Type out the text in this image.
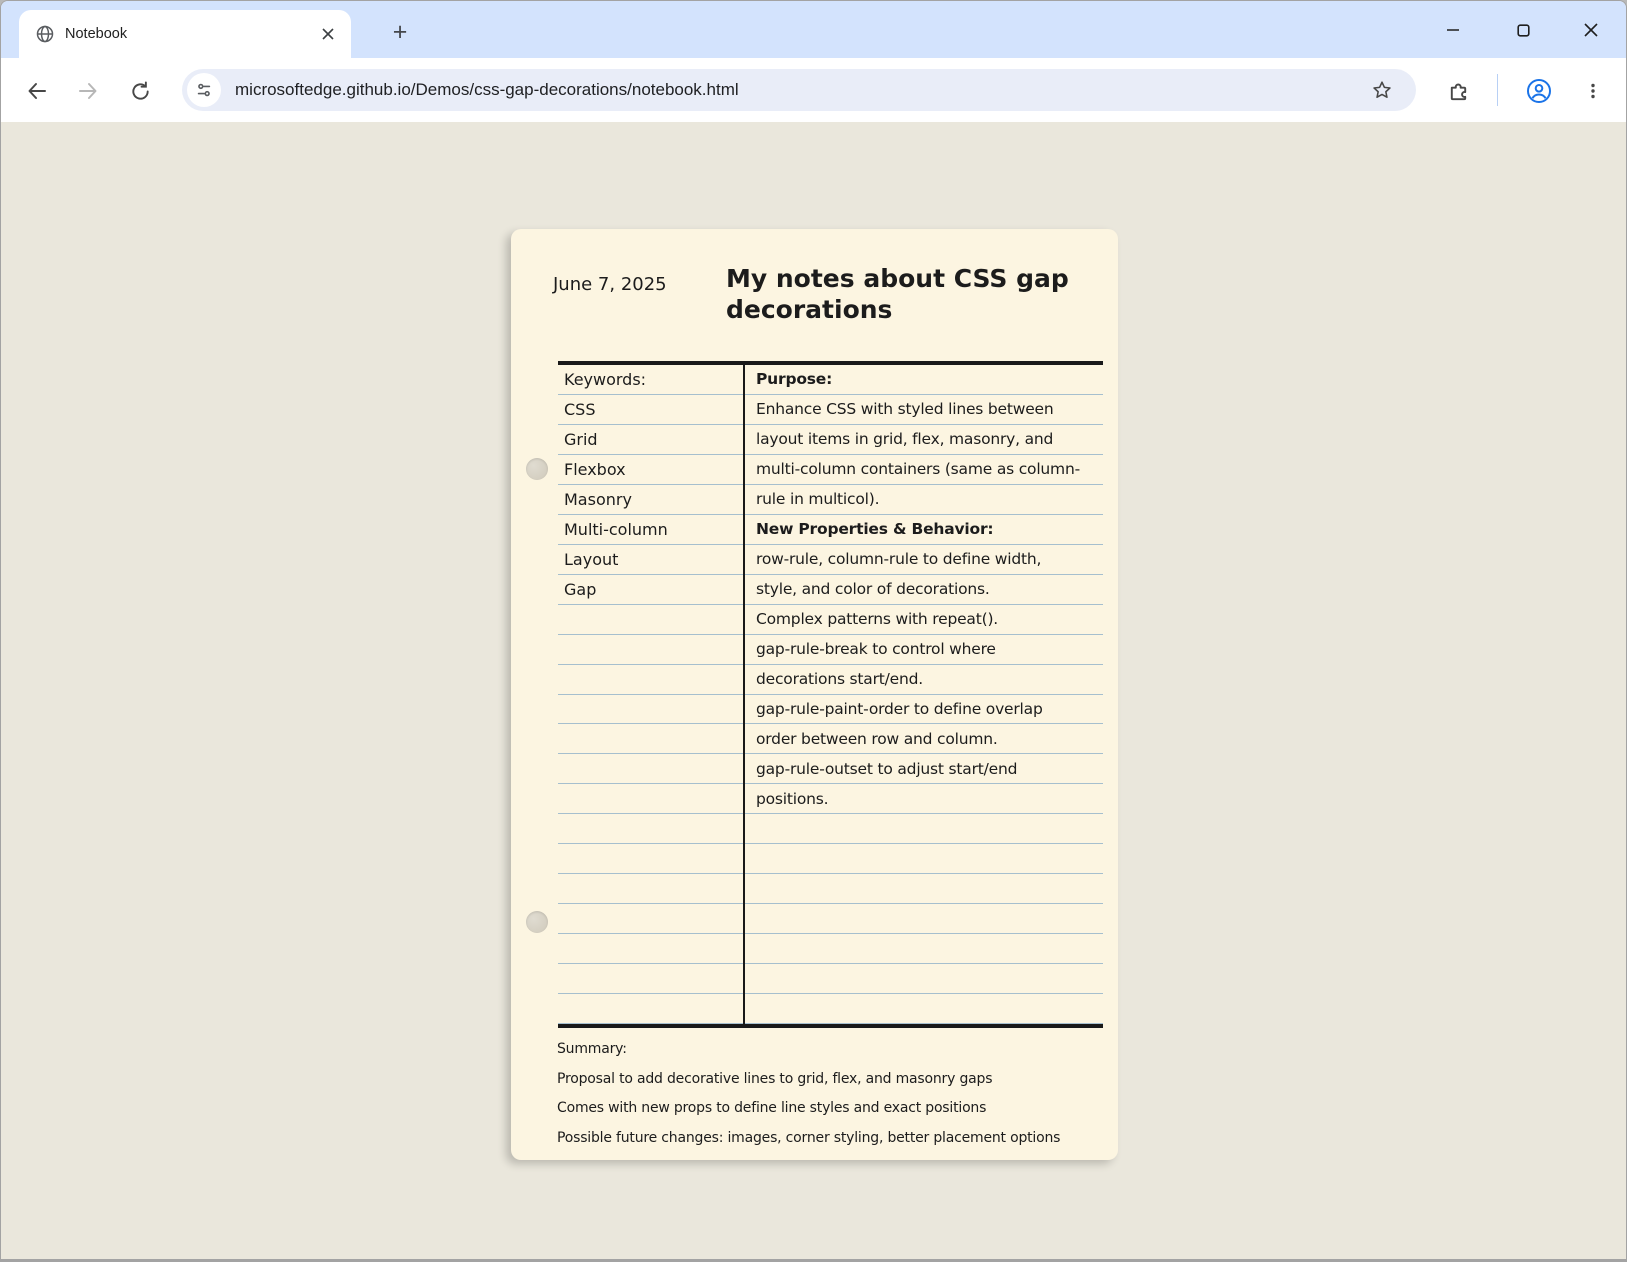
Notebook	+
microsoftedge.github.io/Demos/css-gap-decorations/notebook.html
June 7, 2025 My notes about CSS gap decorations
Keywords:
CSS
Grid
Flexbox
Masonry
Multi-column
Layout
Gap
Purpose:
Enhance CSS with styled lines between
layout items in grid, flex, masonry, and
multi-column containers (same as column-
rule in multicol).
New Properties & Behavior:
row-rule, column-rule to define width,
style, and color of decorations.
Complex patterns with repeat().
gap-rule-break to control where
decorations start/end.
gap-rule-paint-order to define overlap
order between row and column.
gap-rule-outset to adjust start/end
positions.
Summary:
Proposal to add decorative lines to grid, flex, and masonry gaps
Comes with new props to define line styles and exact positions
Possible future changes: images, corner styling, better placement options
